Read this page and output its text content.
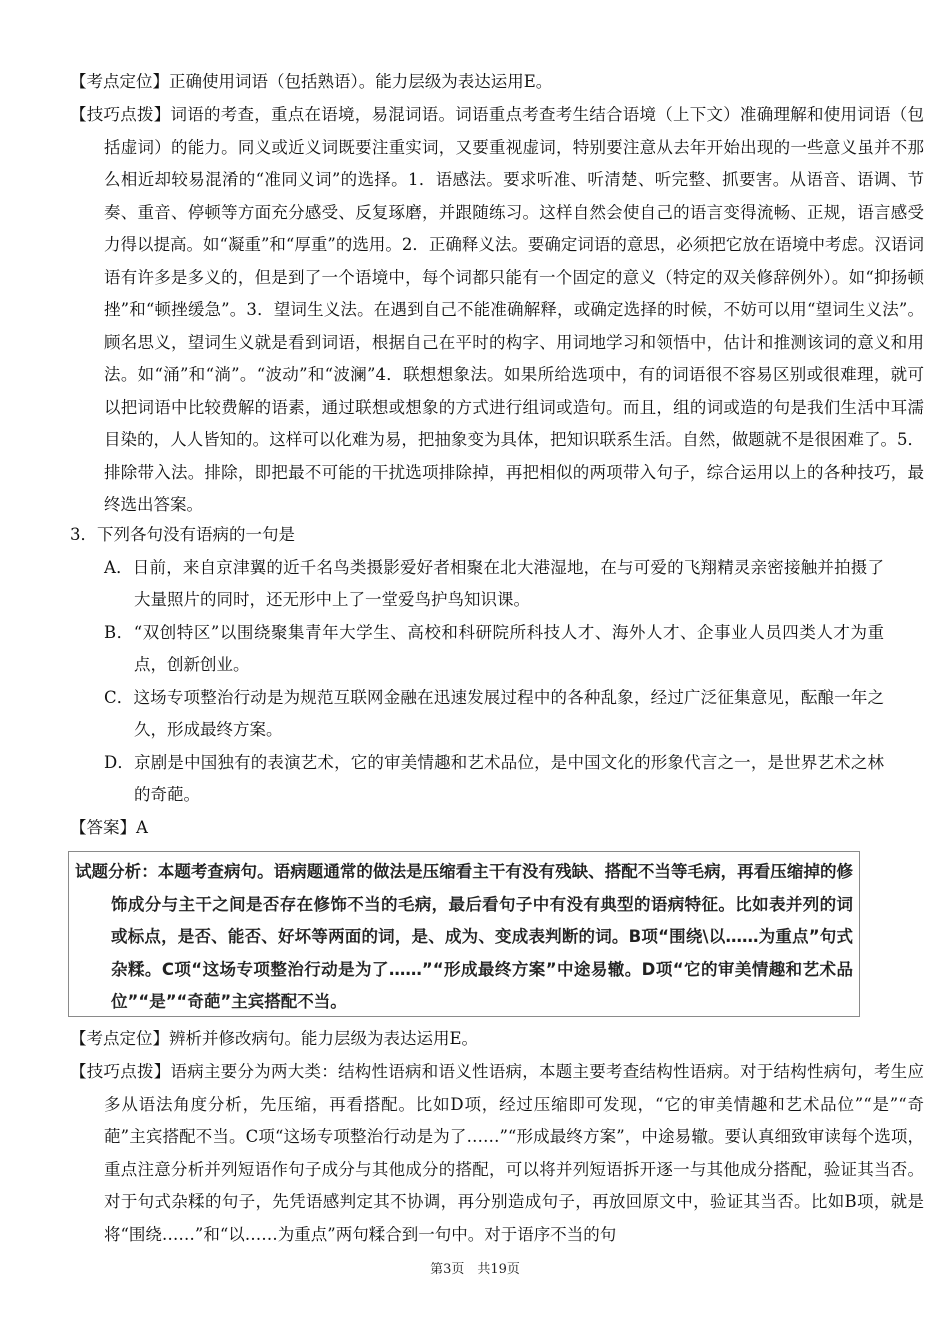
【考点定位】正确使用词语（包括熟语）。能力层级为表达运用E。
【技巧点拨】词语的考查，重点在语境，易混词语。词语重点考查考生结合语境（上下文）准确理解和使用词语（包括虚词）的能力。同义或近义词既要注重实词，又要重视虚词，特别要注意从去年开始出现的一些意义虽并不那么相近却较易混淆的“准同义词”的选择。1．语感法。要求听准、听清楚、听完整、抓要害。从语音、语调、节奏、重音、停顿等方面充分感受、反复琢磨，并跟随练习。这样自然会使自己的语言变得流畅、正规，语言感受力得以提高。如“凝重”和“厚重”的选用。2．正确释义法。要确定词语的意思，必须把它放在语境中考虑。汉语词语有许多是多义的，但是到了一个语境中，每个词都只能有一个固定的意义（特定的双关修辞例外）。如“抑扬顿挫”和“顿挫缓急”。3．望词生义法。在遇到自己不能准确解释，或确定选择的时候，不妨可以用“望词生义法”。顾名思义，望词生义就是看到词语，根据自己在平时的构字、用词地学习和领悟中，估计和推测该词的意义和用法。如“涌”和“淌”。“波动”和“波澜”4．联想想象法。如果所给选项中，有的词语很不容易区别或很难理，就可以把词语中比较费解的语素，通过联想或想象的方式进行组词或造句。而且，组的词或造的句是我们生活中耳濡目染的，人人皆知的。这样可以化难为易，把抽象变为具体，把知识联系生活。自然，做题就不是很困难了。5．排除带入法。排除，即把最不可能的干扰选项排除掉，再把相似的两项带入句子，综合运用以上的各种技巧，最终选出答案。
3．下列各句没有语病的一句是
A．日前，来自京津翼的近千名鸟类摄影爱好者相聚在北大港湿地，在与可爱的飞翔精灵亲密接触并拍摄了大量照片的同时，还无形中上了一堂爱鸟护鸟知识课。
B．“双创特区”以围绕聚集青年大学生、高校和科研院所科技人才、海外人才、企事业人员四类人才为重点，创新创业。
C．这场专项整治行动是为规范互联网金融在迅速发展过程中的各种乱象，经过广泛征集意见，酝酿一年之久，形成最终方案。
D．京剧是中国独有的表演艺术，它的审美情趣和艺术品位，是中国文化的形象代言之一，是世界艺术之林的奇葩。
【答案】A
试题分析：本题考查病句。语病题通常的做法是压缩看主干有没有残缺、搭配不当等毛病，再看压缩掉的修饰成分与主干之间是否存在修饰不当的毛病，最后看句子中有没有典型的语病特征。比如表并列的词或标点，是否、能否、好坏等两面的词，是、成为、变成表判断的词。B项“围绕\以……为重点”句式杂糅。C项“这场专项整治行动是为了……”“形成最终方案”中途易辙。D项“它的审美情趣和艺术品位”“是”“奇葩”主宾搭配不当。
【考点定位】辨析并修改病句。能力层级为表达运用E。
【技巧点拨】语病主要分为两大类：结构性语病和语义性语病，本题主要考查结构性语病。对于结构性病句，考生应多从语法角度分析，先压缩，再看搭配。比如D项，经过压缩即可发现，“它的审美情趣和艺术品位”“是”“奇葩”主宾搭配不当。C项“这场专项整治行动是为了……”“形成最终方案”，中途易辙。要认真细致审读每个选项，重点注意分析并列短语作句子成分与其他成分的搭配，可以将并列短语拆开逐一与其他成分搭配，验证其当否。对于句式杂糅的句子，先凭语感判定其不协调，再分别造成句子，再放回原文中，验证其当否。比如B项，就是将“围绕……”和“以……为重点”两句糅合到一句中。对于语序不当的句
第3页　共19页
